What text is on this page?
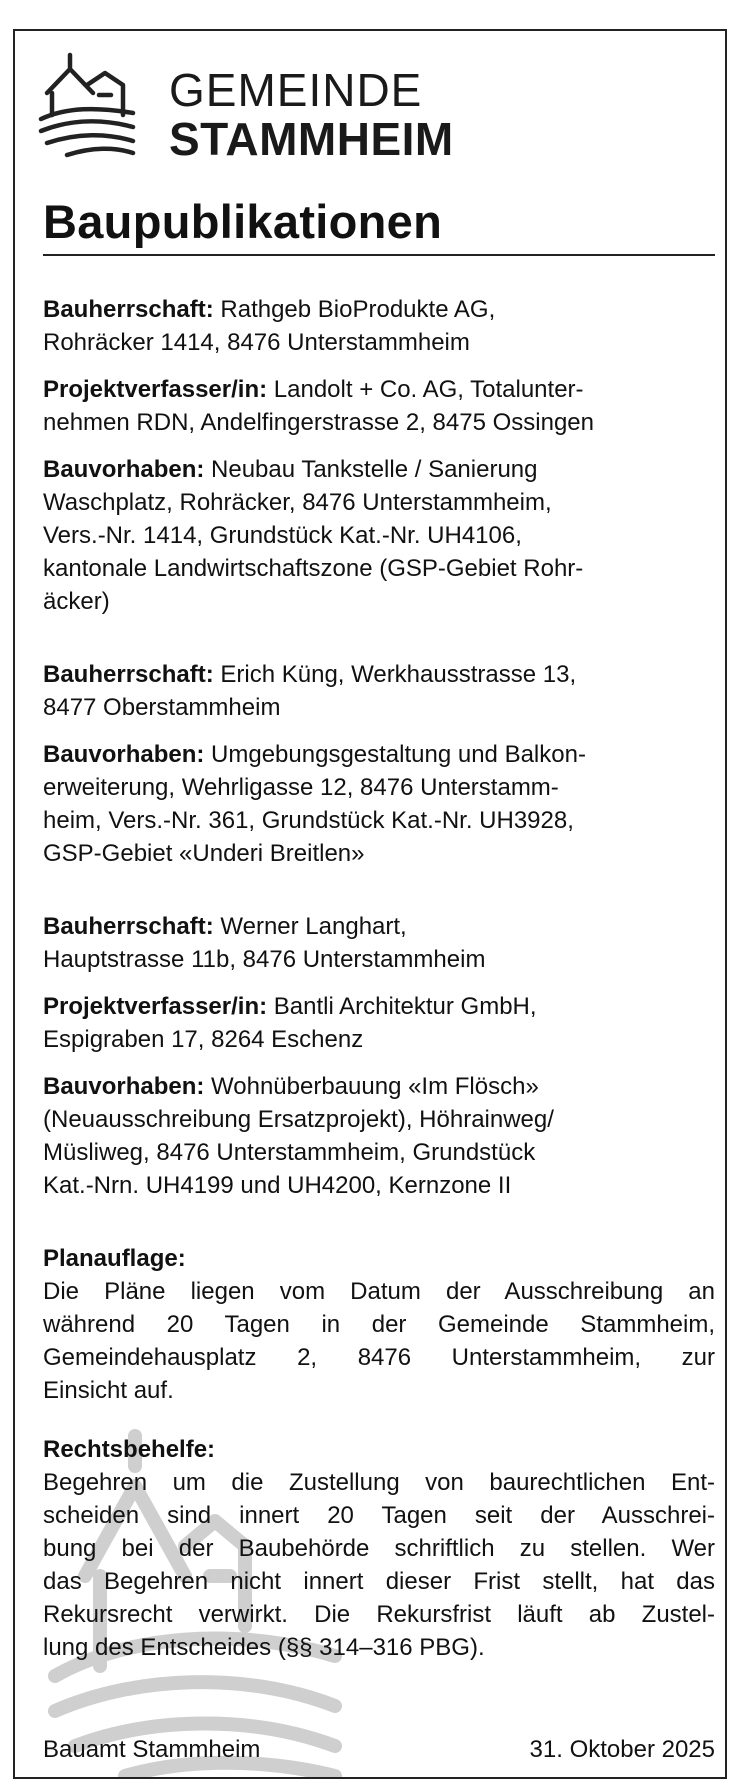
GEMEINDE
STAMMHEIM
Baupublikationen

Bauherrschaft: Rathgeb BioProdukte AG,
Rohräcker 1414, 8476 Unterstammheim

Projektverfasser/in: Landolt + Co. AG, Totalunter-
nehmen RDN, Andelfingerstrasse 2, 8475 Ossingen

Bauvorhaben: Neubau Tankstelle / Sanierung
Waschplatz, Rohräcker, 8476 Unterstammheim,
Vers.-Nr. 1414, Grundstück Kat.-Nr. UH4106,
kantonale Landwirtschaftszone (GSP-Gebiet Rohr-
äcker)

Bauherrschaft: Erich Küng, Werkhausstrasse 13,
8477 Oberstammheim

Bauvorhaben: Umgebungsgestaltung und Balkon-
erweiterung, Wehrligasse 12, 8476 Unterstamm-
heim, Vers.-Nr. 361, Grundstück Kat.-Nr. UH3928,
GSP-Gebiet «Underi Breitlen»

Bauherrschaft: Werner Langhart,
Hauptstrasse 11b, 8476 Unterstammheim

Projektverfasser/in: Bantli Architektur GmbH,
Espigraben 17, 8264 Eschenz

Bauvorhaben: Wohnüberbauung «Im Flösch»
(Neuausschreibung Ersatzprojekt), Höhrainweg/
Müsliweg, 8476 Unterstammheim, Grundstück
Kat.-Nrn. UH4199 und UH4200, Kernzone II

Planauflage:
Die Pläne liegen vom Datum der Ausschreibung an
während 20 Tagen in der Gemeinde Stammheim,
Gemeindehausplatz 2, 8476 Unterstammheim, zur
Einsicht auf.
Rechtsbehelfe:
Begehren um die Zustellung von baurechtlichen Ent-
scheiden sind innert 20 Tagen seit der Ausschrei-
bung bei der Baubehörde schriftlich zu stellen. Wer
das Begehren nicht innert dieser Frist stellt, hat das
Rekursrecht verwirkt. Die Rekursfrist läuft ab Zustel-
lung des Entscheides (§§ 314–316 PBG).
Bauamt Stammheim	31. Oktober 2025
